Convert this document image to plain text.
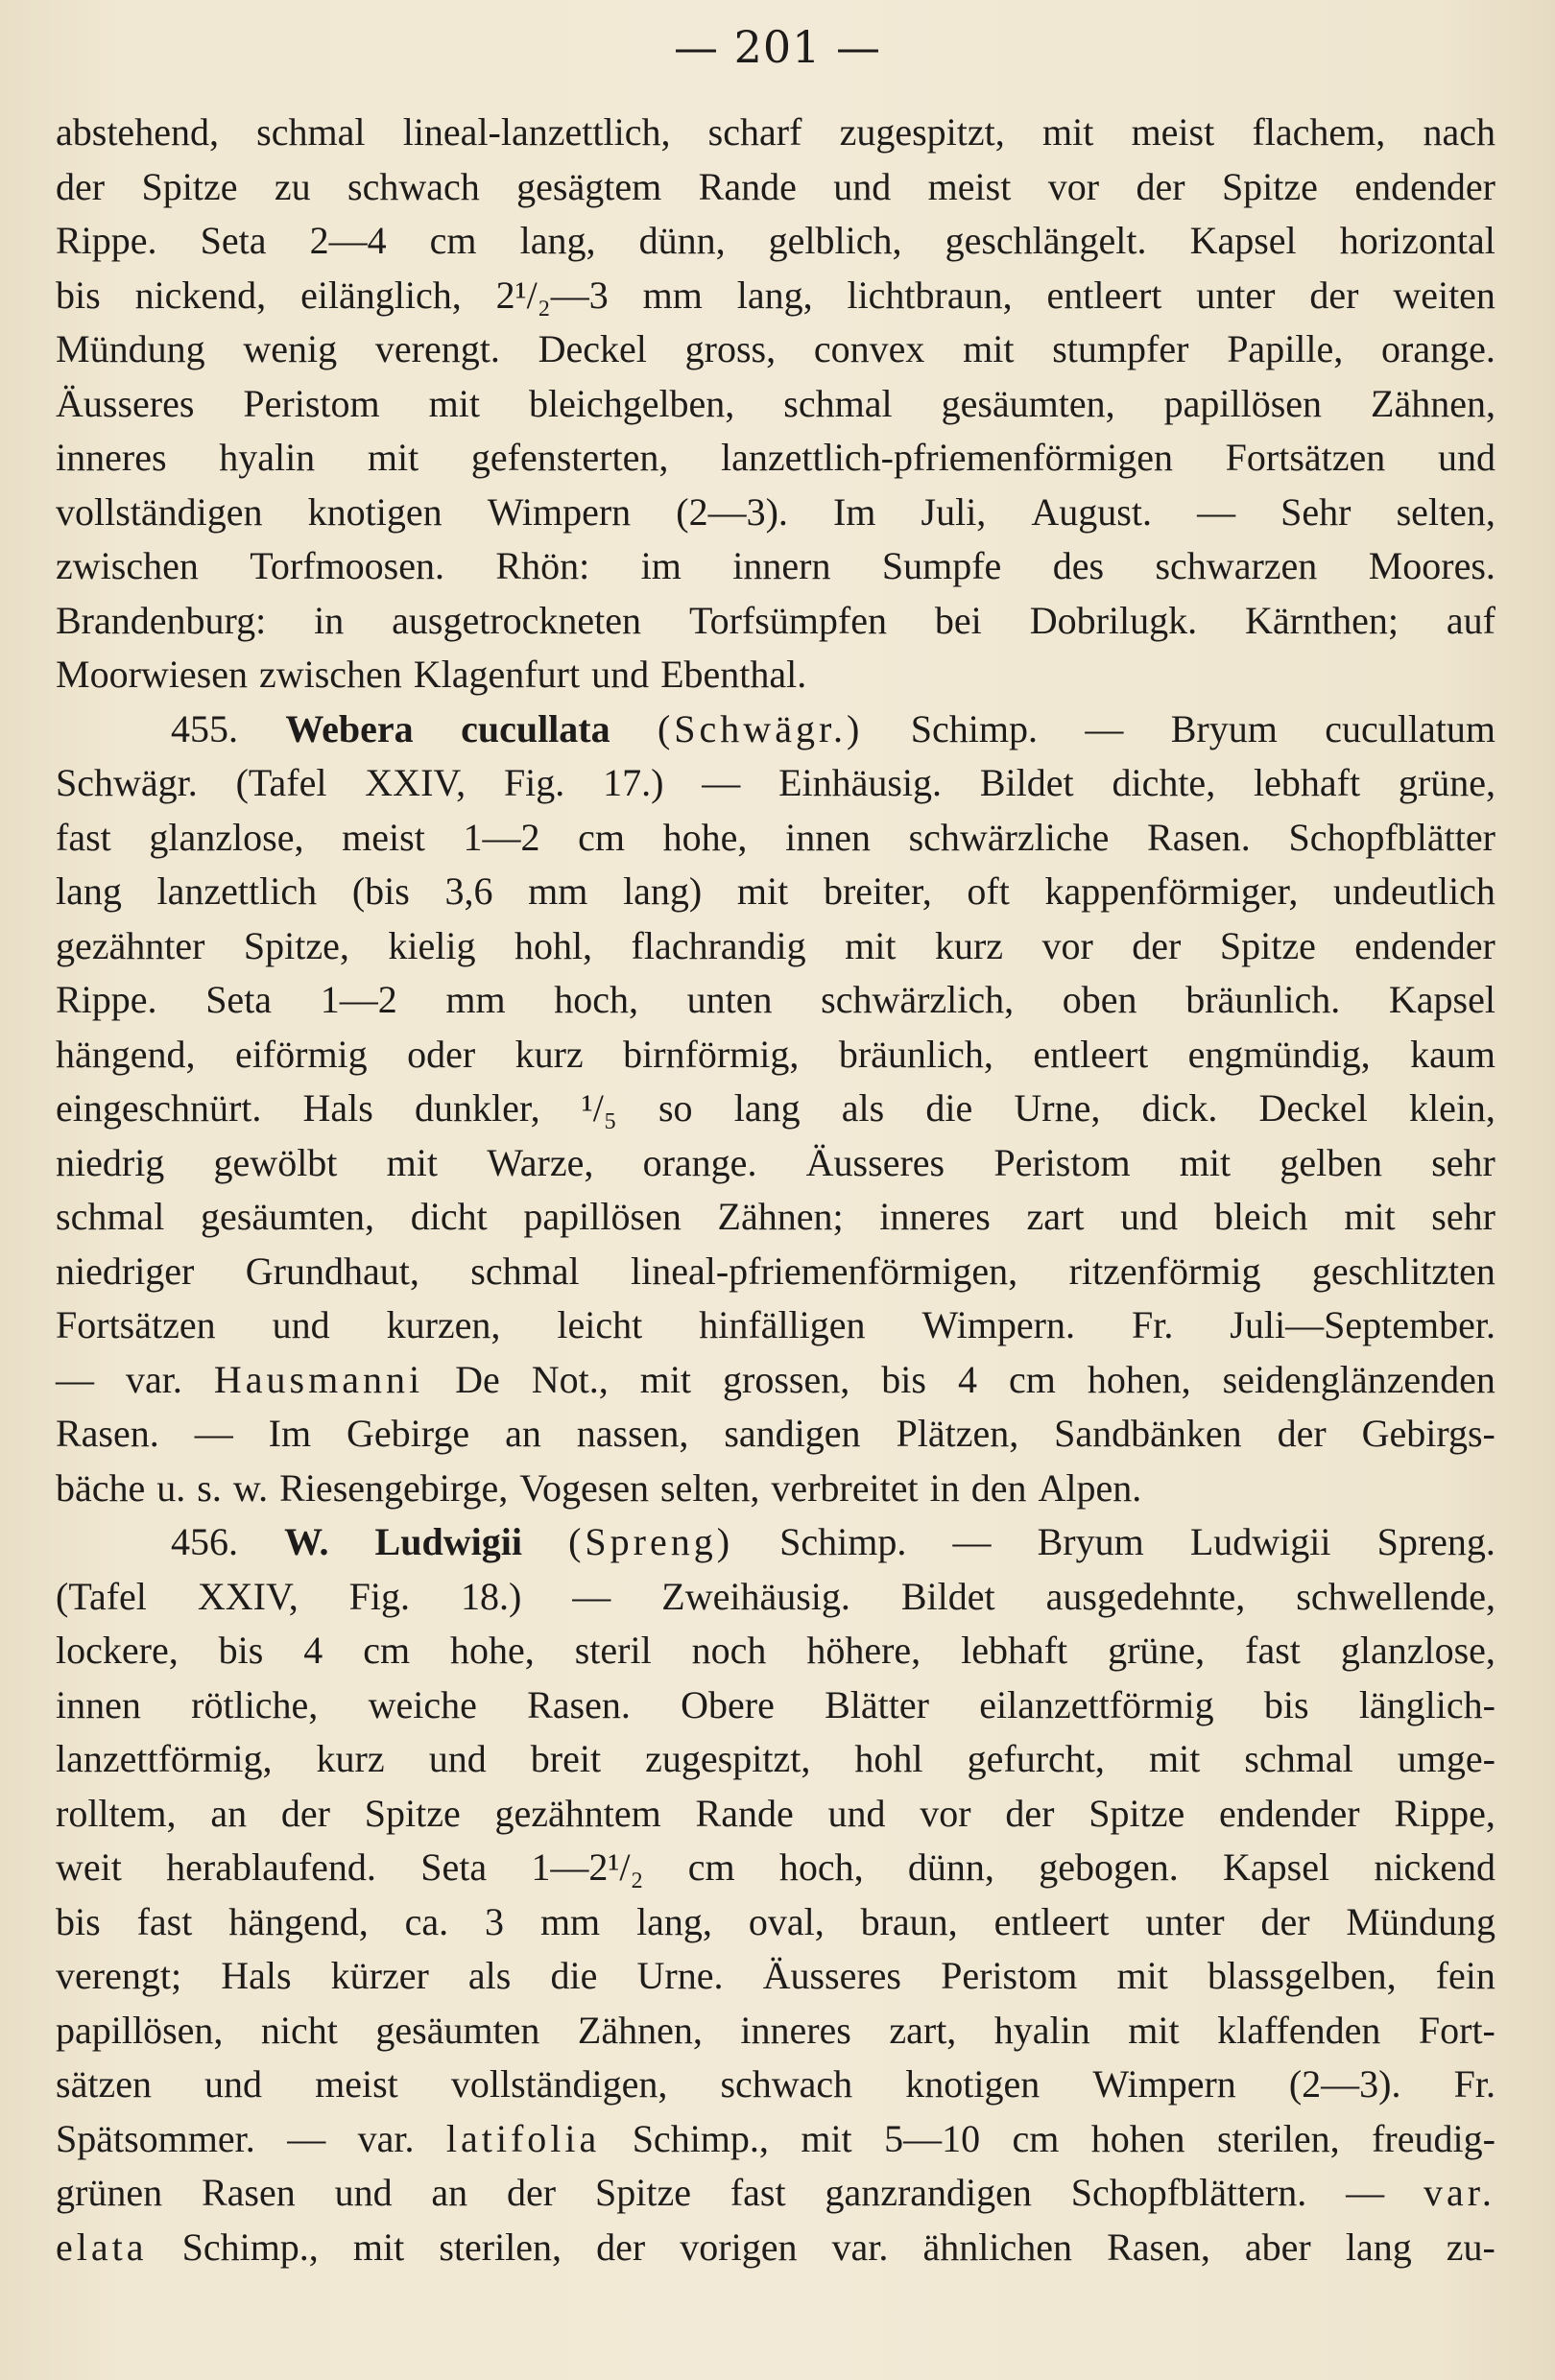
— 201 —
abstehend, schmal lineal-lanzettlich, scharf zugespitzt, mit meist flachem, nach
der Spitze zu schwach gesägtem Rande und meist vor der Spitze endender
Rippe. Seta 2—4 cm lang, dünn, gelblich, geschlängelt. Kapsel horizontal
bis nickend, eilänglich, 2¹/₂—3 mm lang, lichtbraun, entleert unter der weiten
Mündung wenig verengt. Deckel gross, convex mit stumpfer Papille, orange.
Äusseres Peristom mit bleichgelben, schmal gesäumten, papillösen Zähnen,
inneres hyalin mit gefensterten, lanzettlich-pfriemenförmigen Fortsätzen und
vollständigen knotigen Wimpern (2—3). Im Juli, August. — Sehr selten,
zwischen Torfmoosen. Rhön: im innern Sumpfe des schwarzen Moores.
Brandenburg: in ausgetrockneten Torfsümpfen bei Dobrilugk. Kärnthen; auf
Moorwiesen zwischen Klagenfurt und Ebenthal.
455. Webera cucullata (Schwägr.) Schimp. — Bryum cucullatum
Schwägr. (Tafel XXIV, Fig. 17.) — Einhäusig. Bildet dichte, lebhaft grüne,
fast glanzlose, meist 1—2 cm hohe, innen schwärzliche Rasen. Schopfblätter
lang lanzettlich (bis 3,6 mm lang) mit breiter, oft kappenförmiger, undeutlich
gezähnter Spitze, kielig hohl, flachrandig mit kurz vor der Spitze endender
Rippe. Seta 1—2 mm hoch, unten schwärzlich, oben bräunlich. Kapsel
hängend, eiförmig oder kurz birnförmig, bräunlich, entleert engmündig, kaum
eingeschnürt. Hals dunkler, ¹/₅ so lang als die Urne, dick. Deckel klein,
niedrig gewölbt mit Warze, orange. Äusseres Peristom mit gelben sehr
schmal gesäumten, dicht papillösen Zähnen; inneres zart und bleich mit sehr
niedriger Grundhaut, schmal lineal-pfriemenförmigen, ritzenförmig geschlitzten
Fortsätzen und kurzen, leicht hinfälligen Wimpern. Fr. Juli—September.
— var. Hausmanni De Not., mit grossen, bis 4 cm hohen, seidenglänzenden
Rasen. — Im Gebirge an nassen, sandigen Plätzen, Sandbänken der Gebirgs-
bäche u. s. w. Riesengebirge, Vogesen selten, verbreitet in den Alpen.
456. W. Ludwigii (Spreng) Schimp. — Bryum Ludwigii Spreng.
(Tafel XXIV, Fig. 18.) — Zweihäusig. Bildet ausgedehnte, schwellende,
lockere, bis 4 cm hohe, steril noch höhere, lebhaft grüne, fast glanzlose,
innen rötliche, weiche Rasen. Obere Blätter eilanzettförmig bis länglich-
lanzettförmig, kurz und breit zugespitzt, hohl gefurcht, mit schmal umge-
rolltem, an der Spitze gezähntem Rande und vor der Spitze endender Rippe,
weit herablaufend. Seta 1—2¹/₂ cm hoch, dünn, gebogen. Kapsel nickend
bis fast hängend, ca. 3 mm lang, oval, braun, entleert unter der Mündung
verengt; Hals kürzer als die Urne. Äusseres Peristom mit blassgelben, fein
papillösen, nicht gesäumten Zähnen, inneres zart, hyalin mit klaffenden Fort-
sätzen und meist vollständigen, schwach knotigen Wimpern (2—3). Fr.
Spätsommer. — var. latifolia Schimp., mit 5—10 cm hohen sterilen, freudig-
grünen Rasen und an der Spitze fast ganzrandigen Schopfblättern. — var.
elata Schimp., mit sterilen, der vorigen var. ähnlichen Rasen, aber lang zu-
